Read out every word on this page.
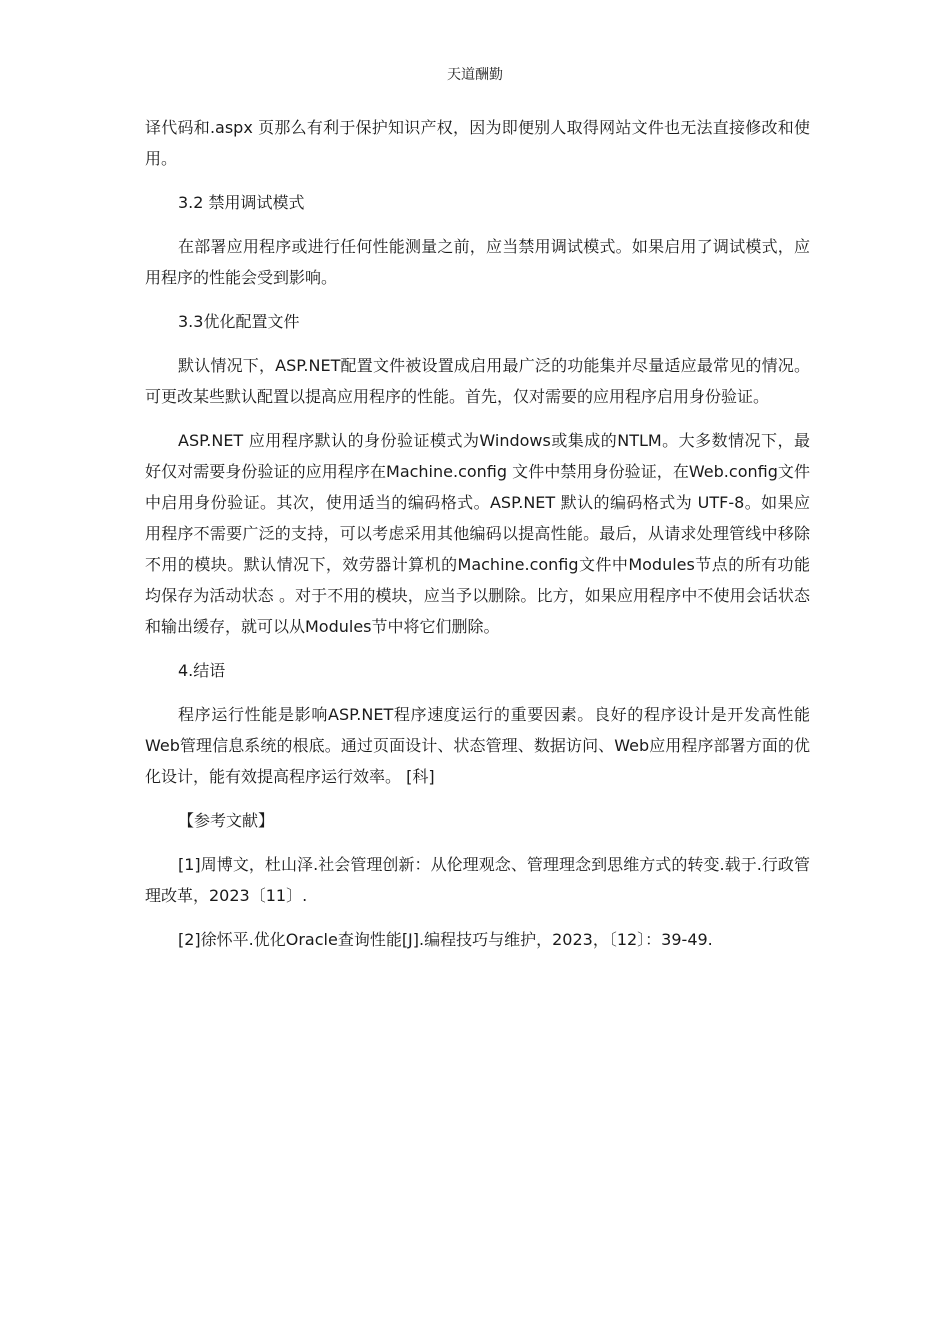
天道酬勤

译代码和.aspx 页那么有利于保护知识产权，因为即便别人取得网站文件也无法直接修改和使用。

3.2 禁用调试模式

在部署应用程序或进行任何性能测量之前，应当禁用调试模式。如果启用了调试模式，应用程序的性能会受到影响。

3.3优化配置文件

默认情况下，ASP.NET配置文件被设置成启用最广泛的功能集并尽量适应最常见的情况。可更改某些默认配置以提高应用程序的性能。首先，仅对需要的应用程序启用身份验证。

ASP.NET 应用程序默认的身份验证模式为Windows或集成的NTLM。大多数情况下，最好仅对需要身份验证的应用程序在Machine.config 文件中禁用身份验证，在Web.config文件中启用身份验证。其次，使用适当的编码格式。ASP.NET 默认的编码格式为 UTF-8。如果应用程序不需要广泛的支持，可以考虑采用其他编码以提高性能。最后，从请求处理管线中移除不用的模块。默认情况下，效劳器计算机的Machine.config文件中Modules节点的所有功能均保存为活动状态 。对于不用的模块，应当予以删除。比方，如果应用程序中不使用会话状态和输出缓存，就可以从Modules节中将它们删除。

4.结语

程序运行性能是影响ASP.NET程序速度运行的重要因素。良好的程序设计是开发高性能Web管理信息系统的根底。通过页面设计、状态管理、数据访问、Web应用程序部署方面的优化设计，能有效提高程序运行效率。 [科]

【参考文献】

[1]周博文，杜山泽.社会管理创新：从伦理观念、管理理念到思维方式的转变.载于.行政管理改革，2023〔11〕.

[2]徐怀平.优化Oracle查询性能[J].编程技巧与维护，2023，〔12〕：39-49.
